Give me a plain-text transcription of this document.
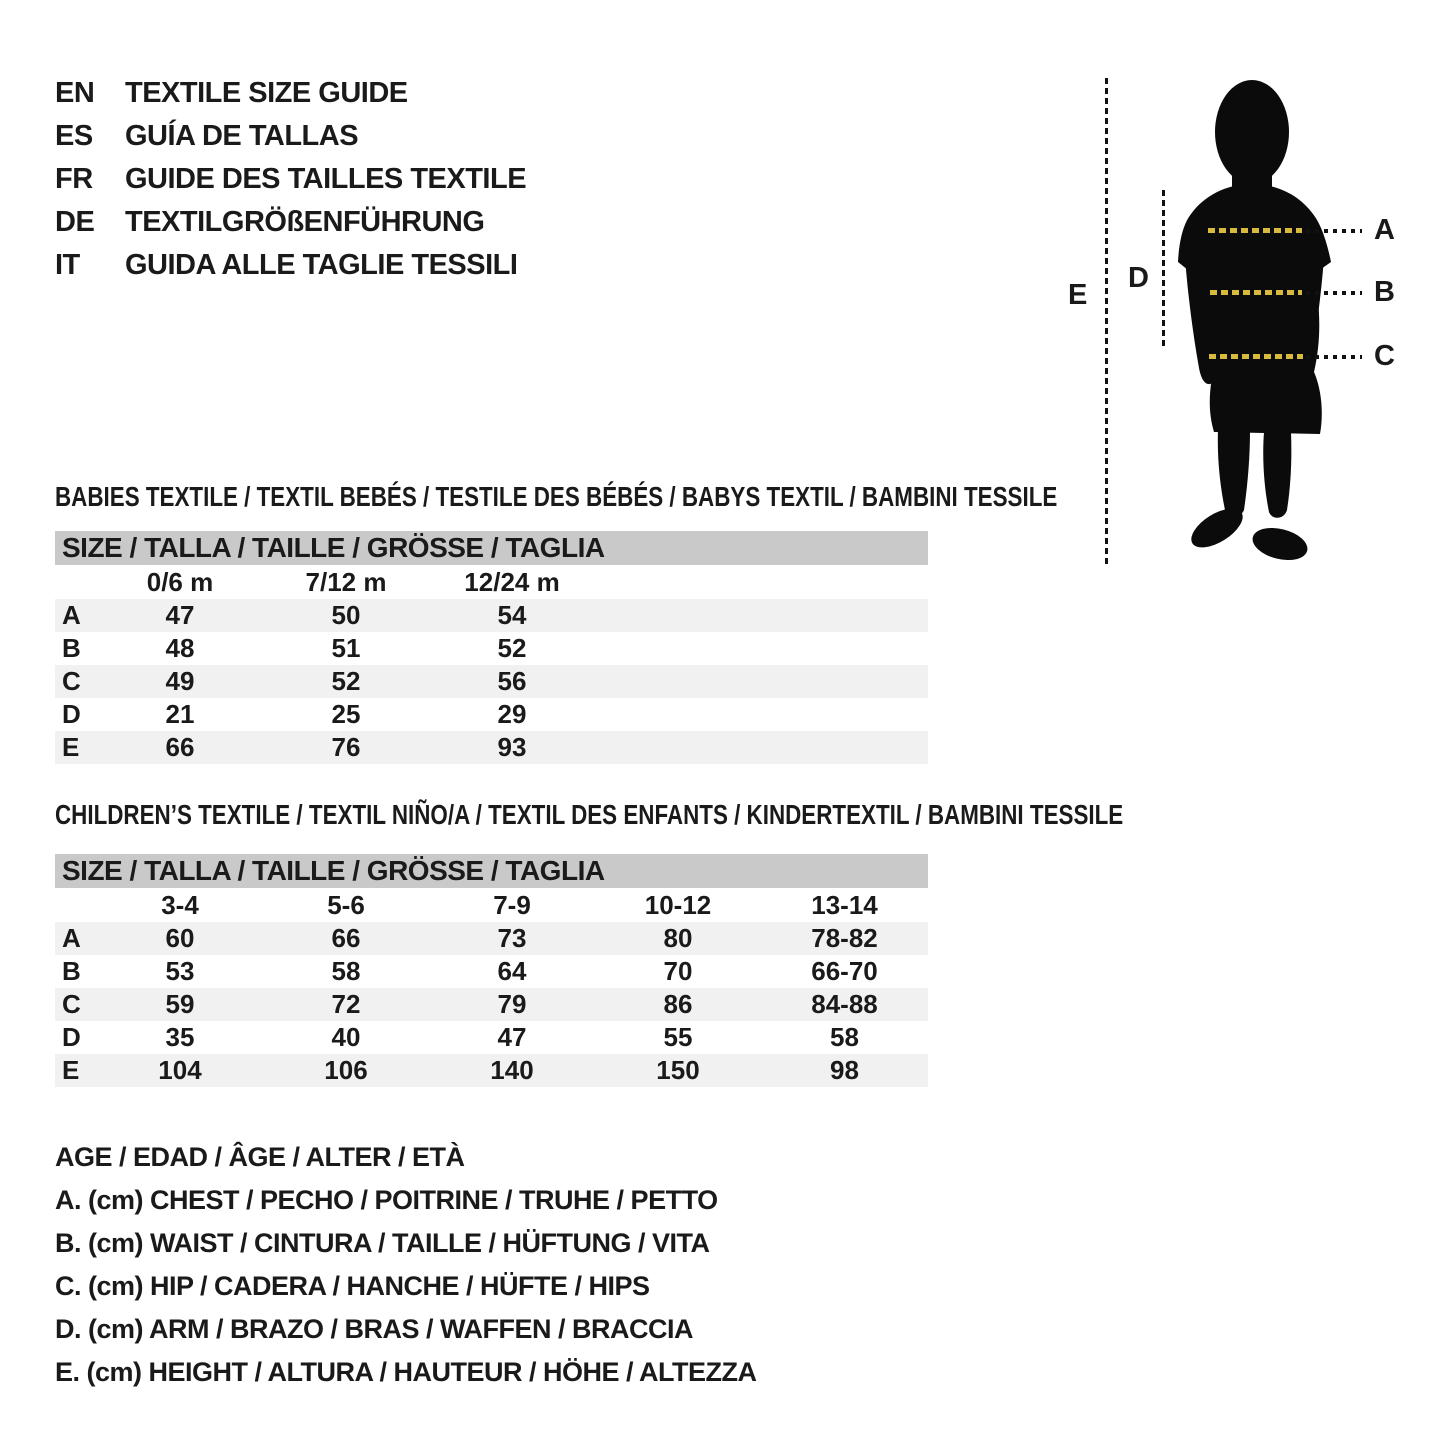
EN	TEXTILE SIZE GUIDE
ES	GUÍA DE TALLAS
FR	GUIDE DES TAILLES TEXTILE
DE	TEXTILGRÖßENFÜHRUNG
IT	GUIDA ALLE TAGLIE TESSILI
E
D
A
B
C
BABIES TEXTILE / TEXTIL BEBÉS / TESTILE DES BÉBÉS / BABYS TEXTIL / BAMBINI TESSILE
SIZE / TALLA / TAILLE / GRÖSSE / TAGLIA
	0/6 m	7/12 m	12/24 m		
A	47	50	54		
B	48	51	52		
C	49	52	56		
D	21	25	29		
E	66	76	93		
CHILDREN’S TEXTILE / TEXTIL NIÑO/A / TEXTIL DES ENFANTS / KINDERTEXTIL / BAMBINI TESSILE
SIZE / TALLA / TAILLE / GRÖSSE / TAGLIA
	3-4	5-6	7-9	10-12	13-14
A	60	66	73	80	78-82
B	53	58	64	70	66-70
C	59	72	79	86	84-88
D	35	40	47	55	58
E	104	106	140	150	98
AGE / EDAD / ÂGE / ALTER / ETÀ
A. (cm) CHEST / PECHO / POITRINE / TRUHE / PETTO
B. (cm) WAIST / CINTURA / TAILLE / HÜFTUNG / VITA
C. (cm) HIP / CADERA / HANCHE / HÜFTE / HIPS
D. (cm) ARM / BRAZO / BRAS / WAFFEN / BRACCIA
E. (cm) HEIGHT / ALTURA / HAUTEUR / HÖHE / ALTEZZA
